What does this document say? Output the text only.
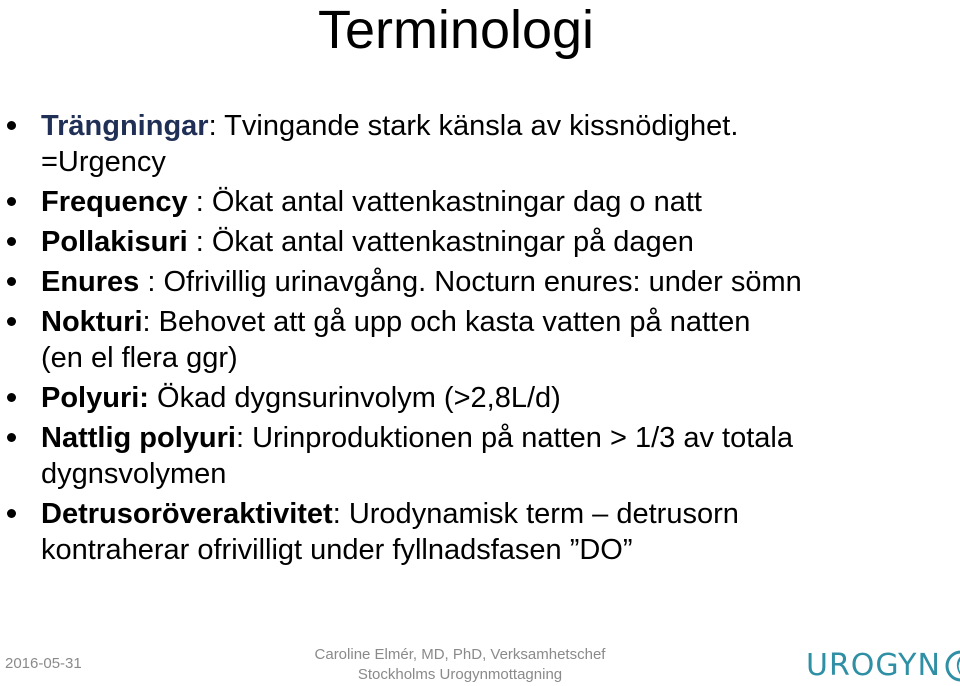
Terminologi
Trängningar: Tvingande stark känsla av kissnödighet.
=Urgency
Frequency : Ökat antal vattenkastningar dag o natt
Pollakisuri : Ökat antal vattenkastningar på dagen
Enures : Ofrivillig urinavgång. Nocturn enures: under sömn
Nokturi: Behovet att gå upp och kasta vatten på natten
(en el flera ggr)
Polyuri: Ökad dygnsurinvolym (>2,8L/d)
Nattlig polyuri: Urinproduktionen på natten > 1/3 av totala
dygnsvolymen
Detrusoröveraktivitet: Urodynamisk term – detrusorn
kontraherar ofrivilligt under fyllnadsfasen ”DO”
2016-05-31
Caroline Elmér, MD, PhD, Verksamhetschef
Stockholms Urogynmottagning	UROGYN
